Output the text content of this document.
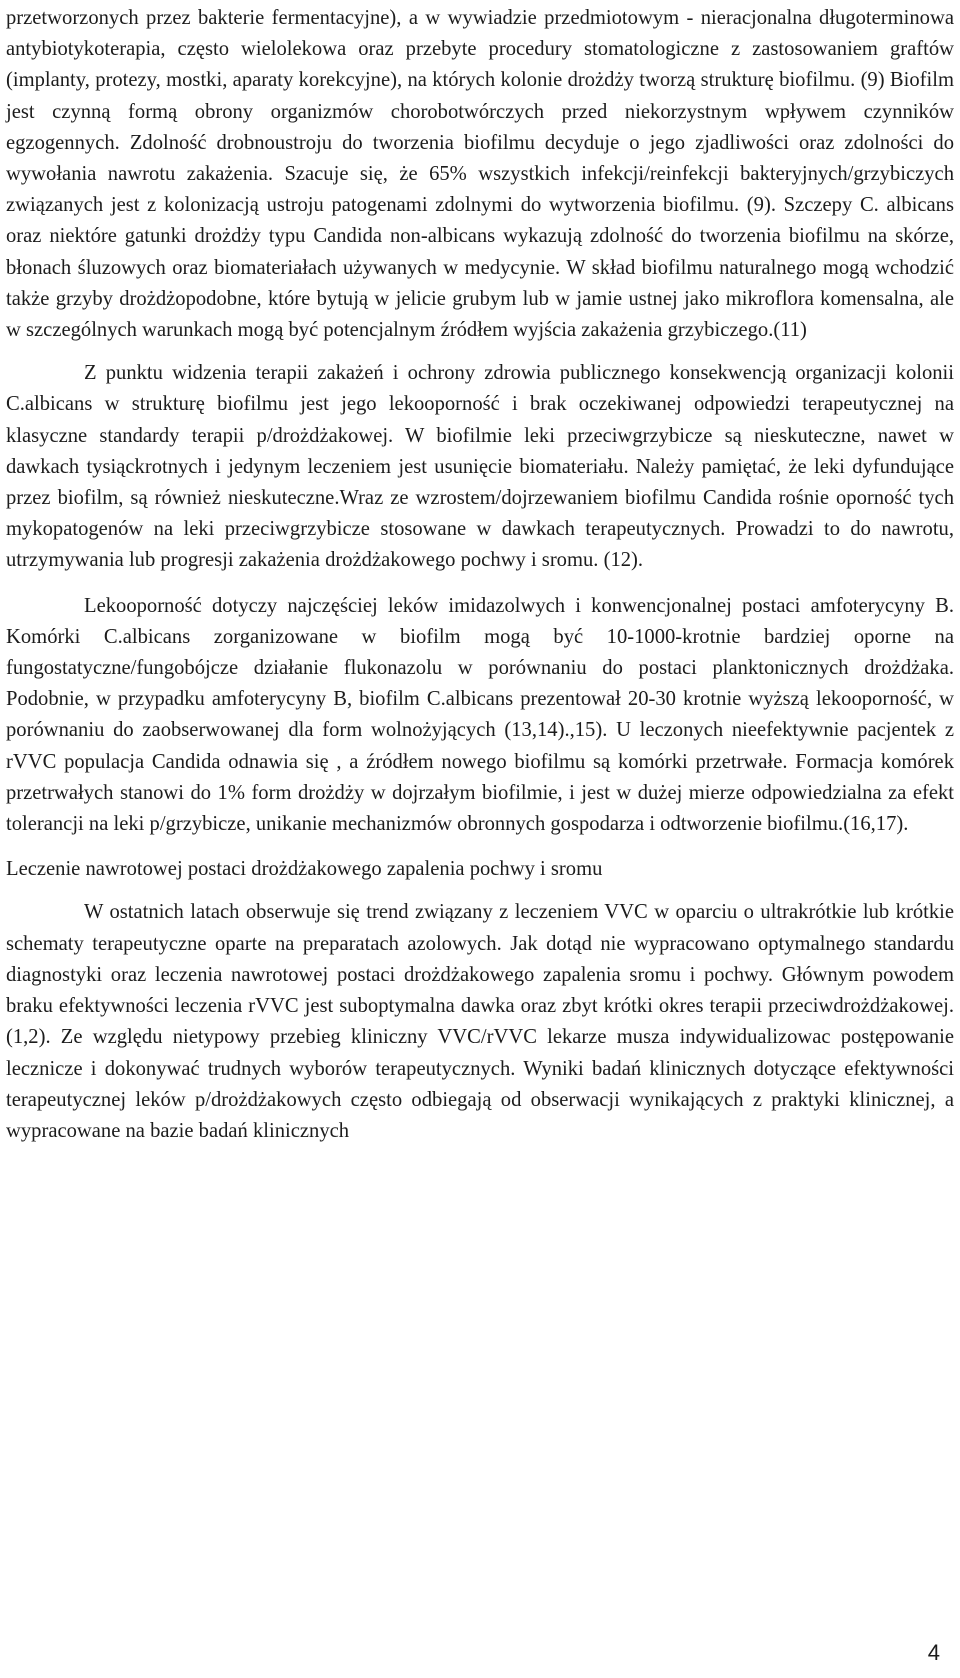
przetworzonych przez bakterie fermentacyjne), a w wywiadzie przedmiotowym - nieracjonalna długoterminowa antybiotykoterapia, często wielolekowa oraz przebyte procedury stomatologiczne z zastosowaniem graftów (implanty, protezy, mostki, aparaty korekcyjne), na których kolonie drożdży tworzą strukturę biofilmu. (9) Biofilm jest czynną formą obrony organizmów chorobotwórczych przed niekorzystnym wpływem czynników egzogennych. Zdolność drobnoustroju do tworzenia biofilmu decyduje o jego zjadliwości oraz zdolności do wywołania nawrotu zakażenia. Szacuje się, że 65% wszystkich infekcji/reinfekcji bakteryjnych/grzybiczych związanych jest z kolonizacją ustroju patogenami zdolnymi do wytworzenia biofilmu. (9). Szczepy C. albicans oraz niektóre gatunki drożdży typu Candida non-albicans wykazują zdolność do tworzenia biofilmu na skórze, błonach śluzowych oraz biomateriałach używanych w medycynie. W skład biofilmu naturalnego mogą wchodzić także grzyby drożdżopodobne, które bytują w jelicie grubym lub w jamie ustnej jako mikroflora komensalna, ale w szczególnych warunkach mogą być potencjalnym źródłem wyjścia zakażenia grzybiczego.(11)

Z punktu widzenia terapii zakażeń i ochrony zdrowia publicznego konsekwencją organizacji kolonii C.albicans w strukturę biofilmu jest jego lekooporność i brak oczekiwanej odpowiedzi terapeutycznej na klasyczne standardy terapii p/drożdżakowej. W biofilmie leki przeciwgrzybicze są nieskuteczne, nawet w dawkach tysiąckrotnych i jedynym leczeniem jest usunięcie biomateriału. Należy pamiętać, że leki dyfundujące przez biofilm, są również nieskuteczne.Wraz ze wzrostem/dojrzewaniem biofilmu Candida rośnie oporność tych mykopatogenów na leki przeciwgrzybicze stosowane w dawkach terapeutycznych. Prowadzi to do nawrotu, utrzymywania lub progresji zakażenia drożdżakowego pochwy i sromu. (12).

Lekooporność dotyczy najczęściej leków imidazolwych i konwencjonalnej postaci amfoterycyny B. Komórki C.albicans zorganizowane w biofilm mogą być 10-1000-krotnie bardziej oporne na fungostatyczne/fungobójcze działanie flukonazolu w porównaniu do postaci planktonicznych drożdżaka. Podobnie, w przypadku amfoterycyny B, biofilm C.albicans prezentował 20-30 krotnie wyższą lekooporność, w porównaniu do zaobserwowanej dla form wolnożyjących (13,14).,15). U leczonych nieefektywnie pacjentek z rVVC populacja Candida odnawia się , a źródłem nowego biofilmu są komórki przetrwałe. Formacja komórek przetrwałych stanowi do 1% form drożdży w dojrzałym biofilmie, i jest w dużej mierze odpowiedzialna za efekt tolerancji na leki p/grzybicze, unikanie mechanizmów obronnych gospodarza i odtworzenie biofilmu.(16,17).

Leczenie nawrotowej postaci drożdżakowego zapalenia pochwy i sromu

W ostatnich latach obserwuje się trend związany z leczeniem VVC w oparciu o ultrakrótkie lub krótkie schematy terapeutyczne oparte na preparatach azolowych. Jak dotąd nie wypracowano optymalnego standardu diagnostyki oraz leczenia nawrotowej postaci drożdżakowego zapalenia sromu i pochwy. Głównym powodem braku efektywności leczenia rVVC jest suboptymalna dawka oraz zbyt krótki okres terapii przeciwdrożdżakowej. (1,2). Ze względu nietypowy przebieg kliniczny VVC/rVVC lekarze musza indywidualizowac postępowanie lecznicze i dokonywać trudnych wyborów terapeutycznych. Wyniki badań klinicznych dotyczące efektywności terapeutycznej leków p/drożdżakowych często odbiegają od obserwacji wynikających z praktyki klinicznej, a wypracowane na bazie badań klinicznych

4
